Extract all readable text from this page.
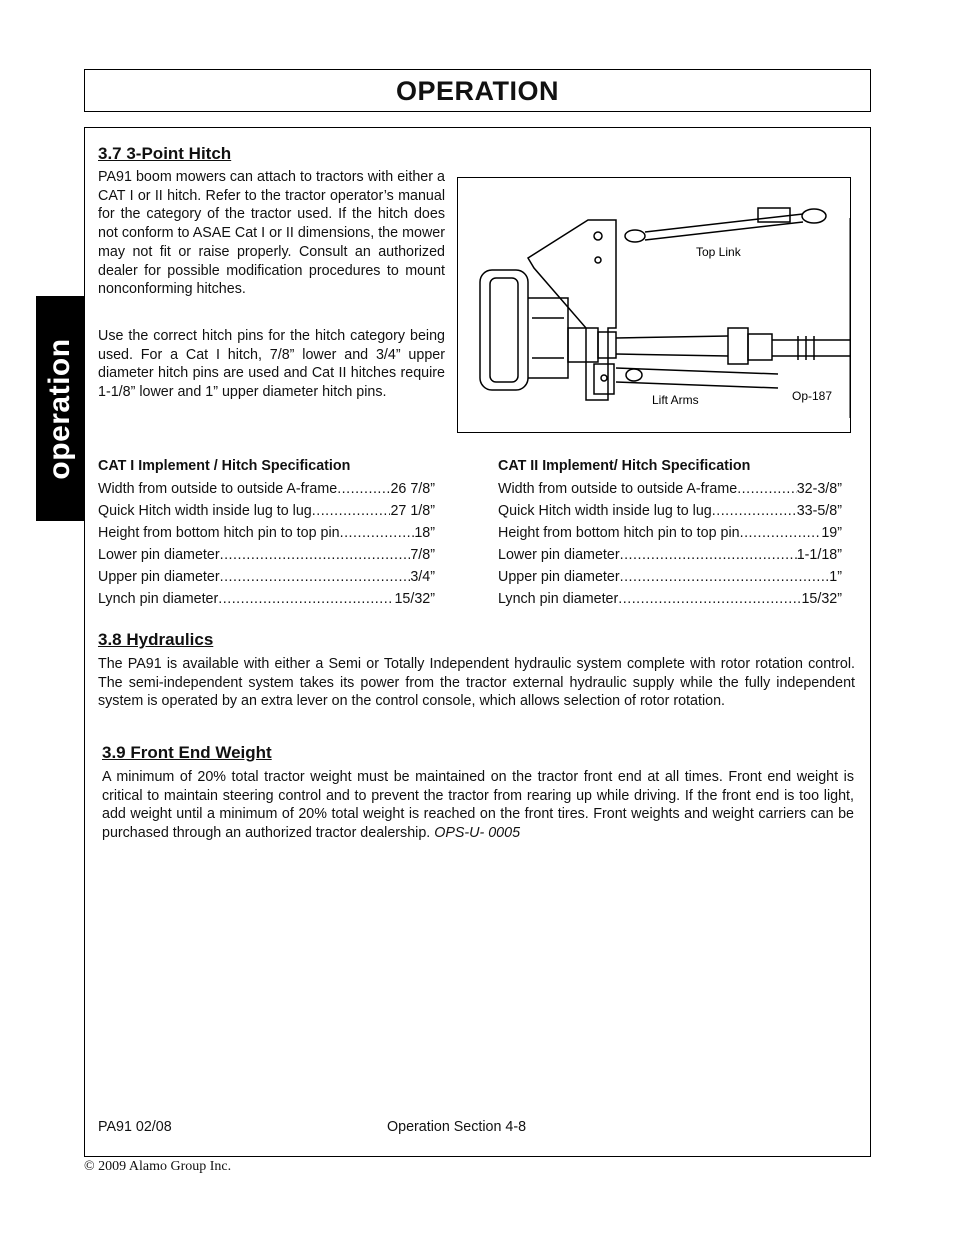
OPERATION
operation
3.7 3-Point Hitch

PA91 boom mowers can attach to tractors with either a CAT I or II hitch. Refer to the tractor operator’s manual for the category of the tractor used. If the hitch does not conform to ASAE Cat I or II dimensions, the mower may not fit or raise properly. Consult an authorized dealer for possible modification procedures to mount nonconforming hitches.

Use the correct hitch pins for the hitch category being used. For a Cat I hitch, 7/8” lower and 3/4” upper diameter hitch pins are used and Cat II hitches require 1-1/8” lower and 1” upper diameter hitch pins.

Top Link
Lift Arms	Op-187
CAT I Implement / Hitch Specification
Width from outside to outside A-frame .....	26 7/8”
Quick Hitch width inside lug to lug .....	27 1/8”
Height from bottom hitch pin to top pin .....	18”
Lower pin diameter .....	7/8”
Upper pin diameter .....	3/4”
Lynch pin diameter .....	15/32”
CAT II Implement/ Hitch Specification
Width from outside to outside A-frame .....	32-3/8”
Quick Hitch width inside lug to lug .....	33-5/8”
Height from bottom hitch pin to top pin .....	19”
Lower pin diameter .....	1-1/18”
Upper pin diameter .....	1”
Lynch pin diameter .....	15/32”
3.8 Hydraulics

The PA91 is available with either a Semi or Totally Independent hydraulic system complete with rotor rotation control. The semi-independent system takes its power from the tractor external hydraulic supply while the fully independent system is operated by an extra lever on the control console, which allows selection of rotor rotation.

3.9 Front End Weight

A minimum of 20% total tractor weight must be maintained on the tractor front end at all times. Front end weight is critical to maintain steering control and to prevent the tractor from rearing up while driving. If the front end is too light, add weight until a minimum of 20% total weight is reached on the front tires. Front weights and weight carriers can be purchased through an authorized tractor dealership. OPS-U- 0005

PA91 02/08	Operation Section 4-8
© 2009 Alamo Group Inc.
